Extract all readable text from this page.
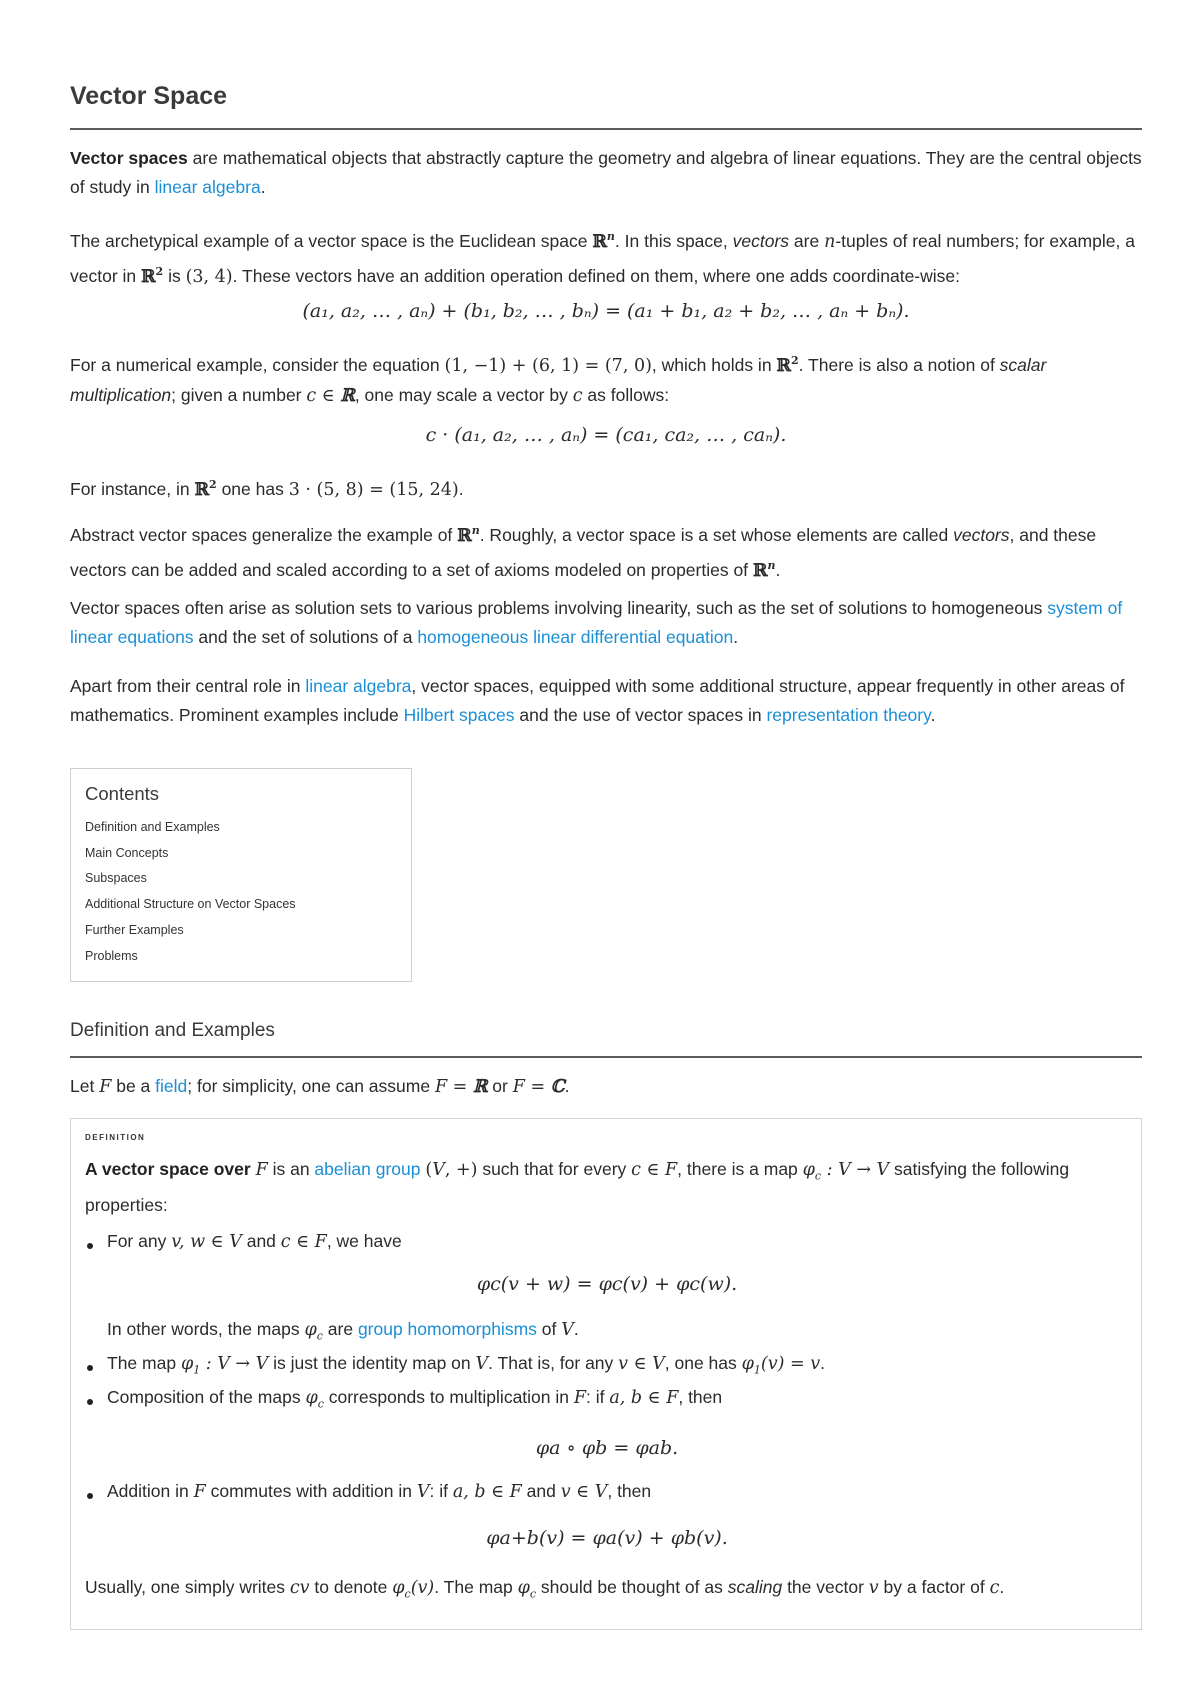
Vector Space

Vector spaces are mathematical objects that abstractly capture the geometry and algebra of linear equations. They are the central objects of study in linear algebra.

The archetypical example of a vector space is the Euclidean space ℝ$^n$. In this space, vectors are n-tuples of real numbers; for example, a vector in ℝ$^2$ is (3, 4). These vectors have an addition operation defined on them, where one adds coordinate-wise:

(a₁, a₂, … , aₙ) + (b₁, b₂, … , bₙ) = (a₁ + b₁, a₂ + b₂, … , aₙ + bₙ).

For a numerical example, consider the equation (1, −1) + (6, 1) = (7, 0), which holds in ℝ$^2$. There is also a notion of scalar multiplication; given a number c ∈ ℝ, one may scale a vector by c as follows:

c · (a₁, a₂, … , aₙ) = (ca₁, ca₂, … , caₙ).

For instance, in ℝ$^2$ one has 3 · (5, 8) = (15, 24).

Abstract vector spaces generalize the example of ℝ$^n$. Roughly, a vector space is a set whose elements are called vectors, and these vectors can be added and scaled according to a set of axioms modeled on properties of ℝ$^n$.

Vector spaces often arise as solution sets to various problems involving linearity, such as the set of solutions to homogeneous system of linear equations and the set of solutions of a homogeneous linear differential equation.

Apart from their central role in linear algebra, vector spaces, equipped with some additional structure, appear frequently in other areas of mathematics. Prominent examples include Hilbert spaces and the use of vector spaces in representation theory.

Contents
Definition and Examples
Main Concepts
Subspaces
Additional Structure on Vector Spaces
Further Examples
Problems
Definition and Examples

Let F be a field; for simplicity, one can assume F = ℝ or F = ℂ.

DEFINITION

A vector space over F is an abelian group (V, +) such that for every c ∈ F, there is a map $\varphi_c$ : V → V satisfying the following properties:

For any v, w ∈ V and c ∈ F, we have

φc(v + w) = φc(v) + φc(w).

In other words, the maps $\varphi_c$ are group homomorphisms of V.

The map $\varphi_1$ : V → V is just the identity map on V. That is, for any v ∈ V, one has $\varphi_1(v) = v$.

Composition of the maps $\varphi_c$ corresponds to multiplication in F: if a, b ∈ F, then

φa ∘ φb = φab.

Addition in F commutes with addition in V: if a, b ∈ F and v ∈ V, then

φa+b(v) = φa(v) + φb(v).

Usually, one simply writes cv to denote $\varphi_c(v)$. The map $\varphi_c$ should be thought of as scaling the vector v by a factor of c.
